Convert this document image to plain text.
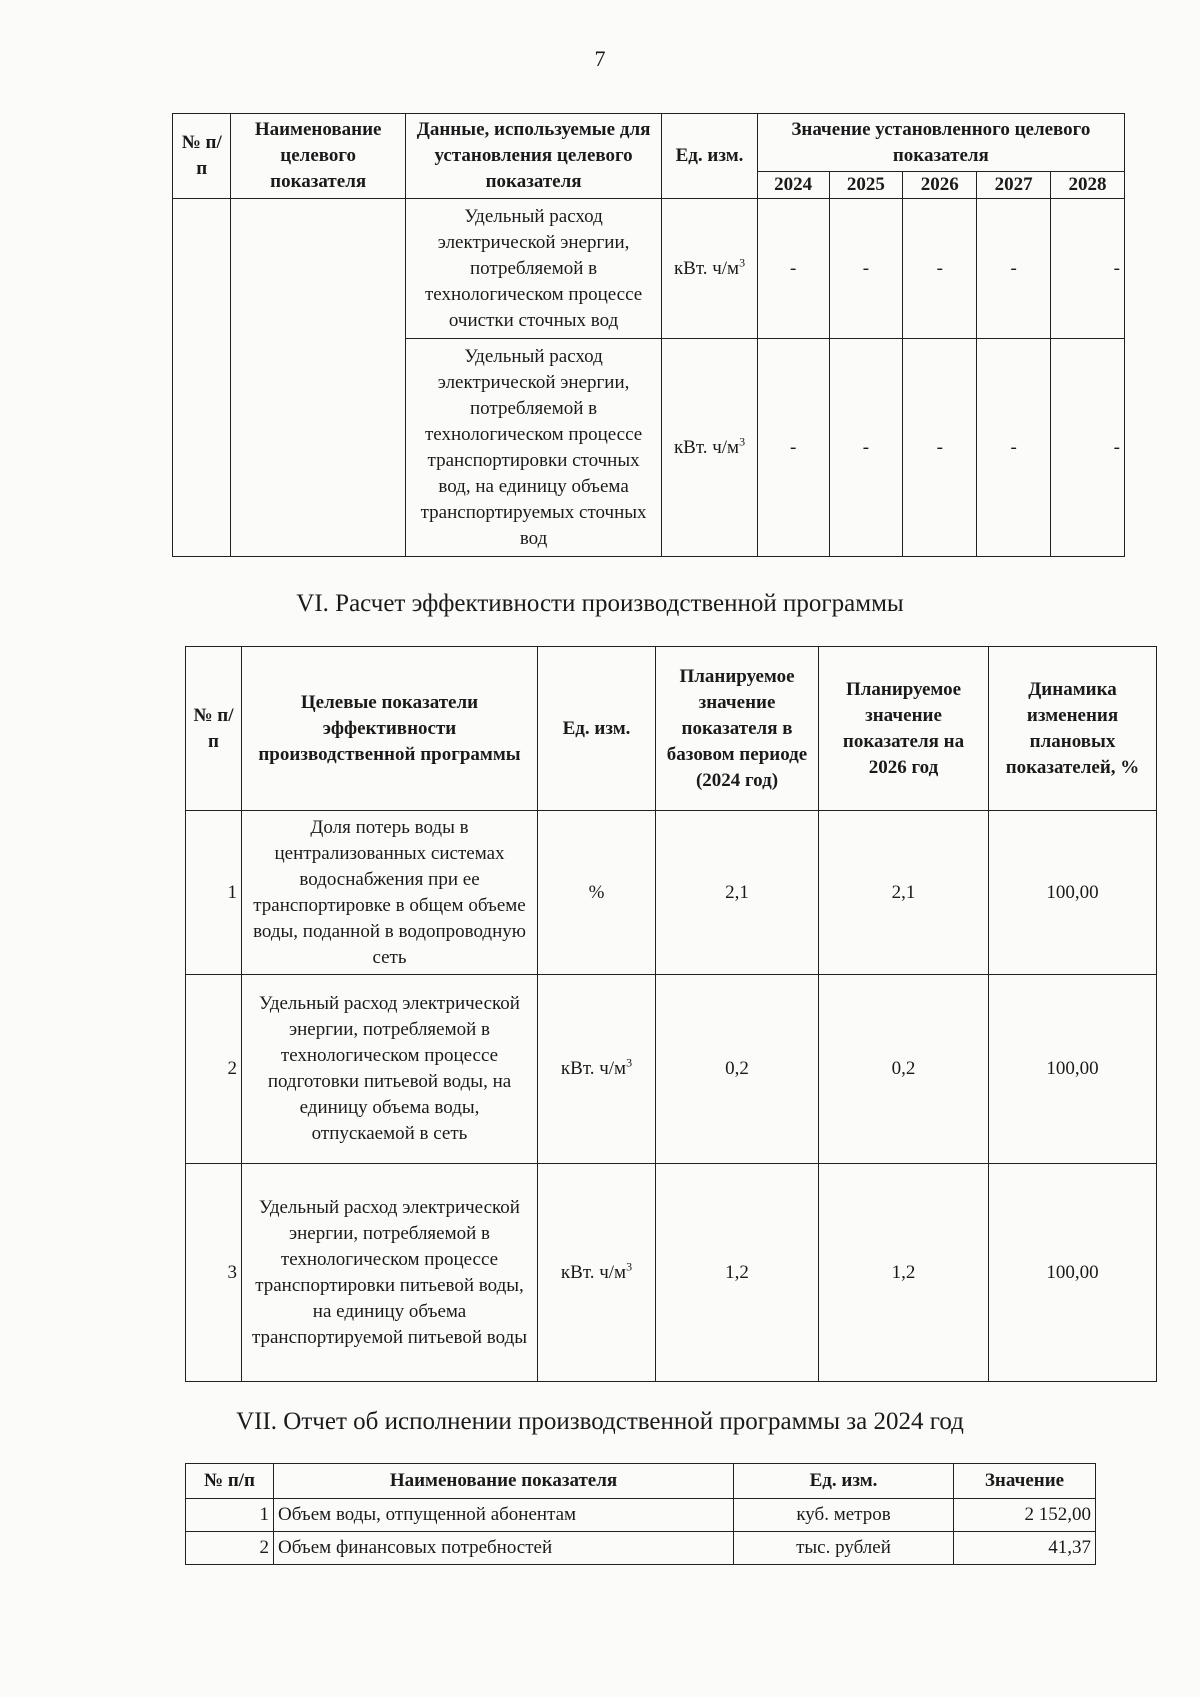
7
№ п/п	Наименование целевого показателя	Данные, используемые для установления целевого показателя	Ед. изм.	Значение установленного целевого показателя				
				2024	2025	2026	2027	2028
		Удельный расход электрической энергии, потребляемой в технологическом процессе очистки сточных вод	кВт. $ч/м^3$	-	-	-	-	-
		Удельный расход электрической энергии, потребляемой в технологическом процессе транспортировки сточных вод, на единицу объема транспортируемых сточных вод	кВт. $ч/м^3$	-	-	-	-	-
VI. Расчет эффективности производственной программы
№ п/п	Целевые показатели эффективности производственной программы	Ед. изм.	Планируемое значение показателя в базовом периоде (2024 год)	Планируемое значение показателя на 2026 год	Динамика изменения плановых показателей, %
1	Доля потерь воды в централизованных системах водоснабжения при ее транспортировке в общем объеме воды, поданной в водопроводную сеть	%	2,1	2,1	100,00
2	Удельный расход электрической энергии, потребляемой в технологическом процессе подготовки питьевой воды, на единицу объема воды, отпускаемой в сеть	кВт. $ч/м^3$	0,2	0,2	100,00
3	Удельный расход электрической энергии, потребляемой в технологическом процессе транспортировки питьевой воды, на единицу объема транспортируемой питьевой воды	кВт. $ч/м^3$	1,2	1,2	100,00
VII. Отчет об исполнении производственной программы за 2024 год
№ п/п	Наименование показателя	Ед. изм.	Значение
1	Объем воды, отпущенной абонентам	куб. метров	2 152,00
2	Объем финансовых потребностей	тыс. рублей	41,37
